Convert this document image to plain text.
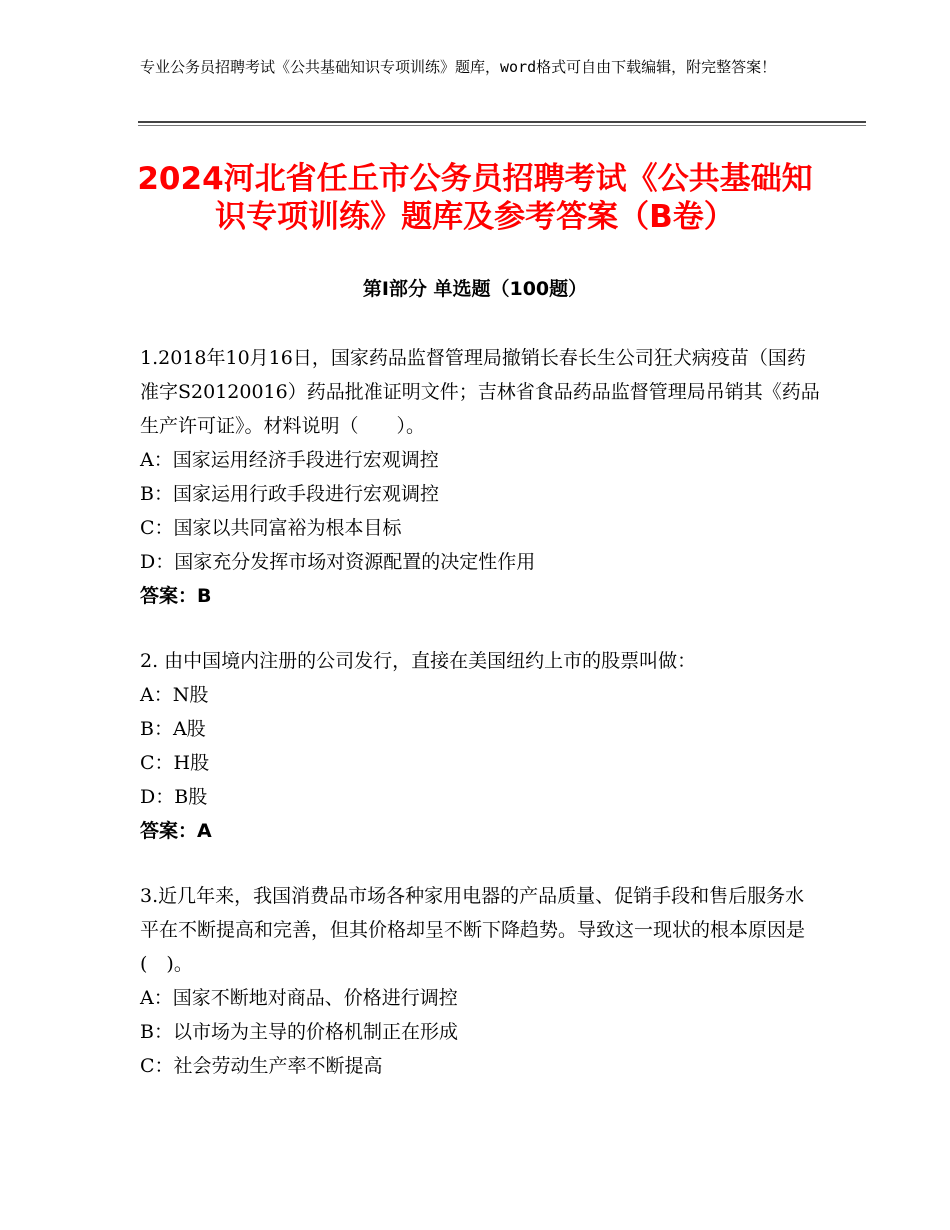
专业公务员招聘考试《公共基础知识专项训练》题库，word格式可自由下载编辑，附完整答案！

2024河北省任丘市公务员招聘考试《公共基础知识专项训练》题库及参考答案（B卷）
第I部分 单选题（100题）

1.2018年10月16日，国家药品监督管理局撤销长春长生公司狂犬病疫苗（国药准字S20120016）药品批准证明文件；吉林省食品药品监督管理局吊销其《药品生产许可证》。材料说明（　　）。

A：国家运用经济手段进行宏观调控

B：国家运用行政手段进行宏观调控

C：国家以共同富裕为根本目标

D：国家充分发挥市场对资源配置的决定性作用

答案：B

2. 由中国境内注册的公司发行，直接在美国纽约上市的股票叫做：

A：N股

B：A股

C：H股

D：B股

答案：A

3.近几年来，我国消费品市场各种家用电器的产品质量、促销手段和售后服务水平在不断提高和完善，但其价格却呈不断下降趋势。导致这一现状的根本原因是(　)。

A：国家不断地对商品、价格进行调控

B：以市场为主导的价格机制正在形成

C：社会劳动生产率不断提高
